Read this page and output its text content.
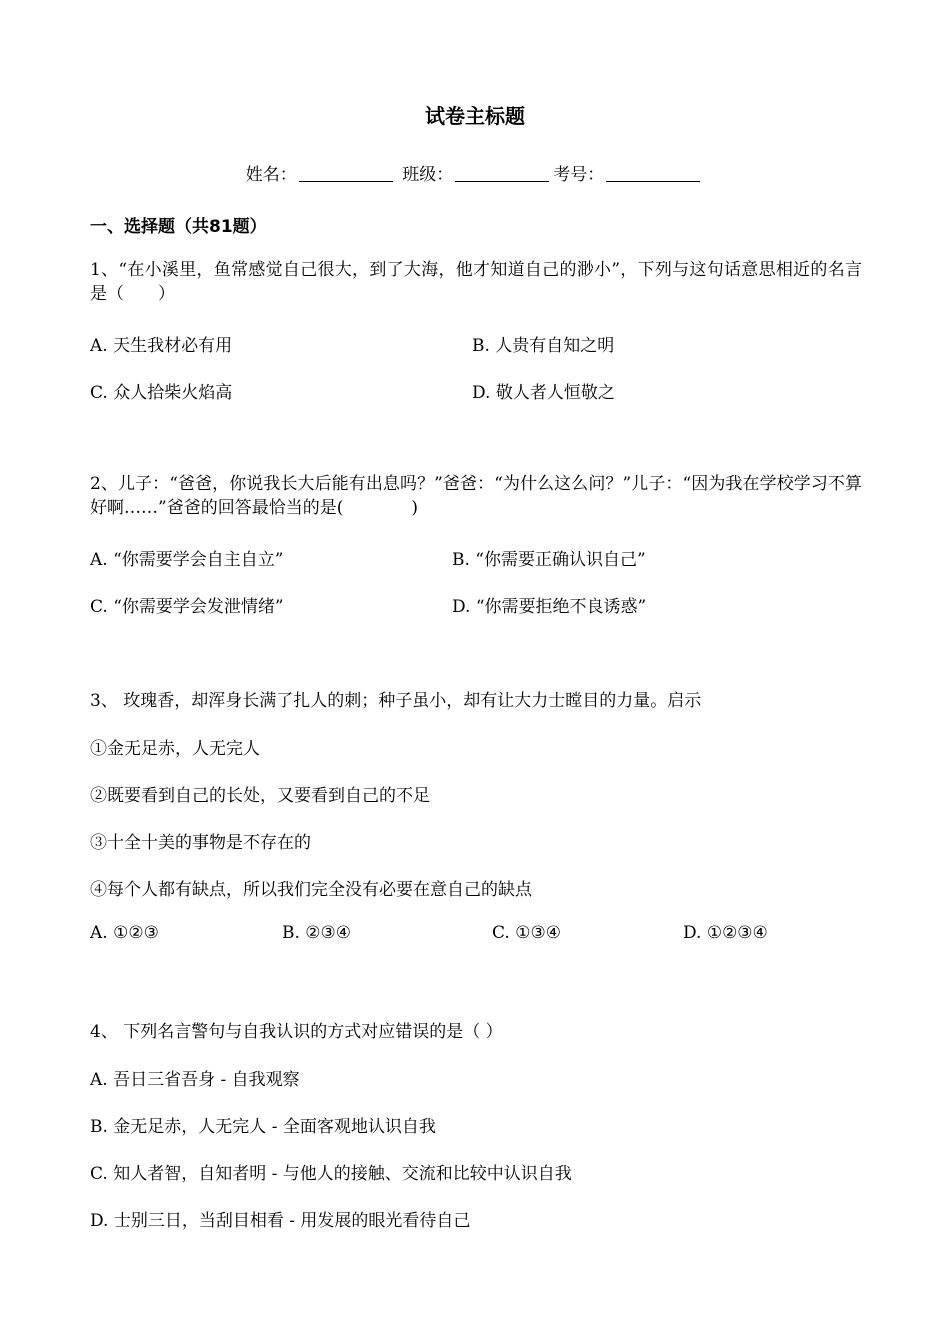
试卷主标题
姓名：	班级：	考号：
一、选择题（共81题）
1、“在小溪里，鱼常感觉自己很大，到了大海，他才知道自己的渺小”，下列与这句话意思相近的名言是（　　）
A. 天生我材必有用	B. 人贵有自知之明
C. 众人拾柴火焰高	D. 敬人者人恒敬之
2、儿子：“爸爸，你说我长大后能有出息吗？”爸爸：“为什么这么问？”儿子：“因为我在学校学习不算好啊……”爸爸的回答最恰当的是(　　　　)
A. “你需要学会自主自立”	B. “你需要正确认识自己”
C. “你需要学会发泄情绪”	D. “你需要拒绝不良诱惑”
3、 玫瑰香，却浑身长满了扎人的刺；种子虽小，却有让大力士瞠目的力量。启示
①金无足赤，人无完人
②既要看到自己的长处，又要看到自己的不足
③十全十美的事物是不存在的
④每个人都有缺点，所以我们完全没有必要在意自己的缺点
A. ①②③	B. ②③④	C. ①③④	D. ①②③④
4、 下列名言警句与自我认识的方式对应错误的是（ ）
A. 吾日三省吾身 - 自我观察
B. 金无足赤，人无完人 - 全面客观地认识自我
C. 知人者智，自知者明 - 与他人的接触、交流和比较中认识自我
D. 士别三日，当刮目相看 - 用发展的眼光看待自己
